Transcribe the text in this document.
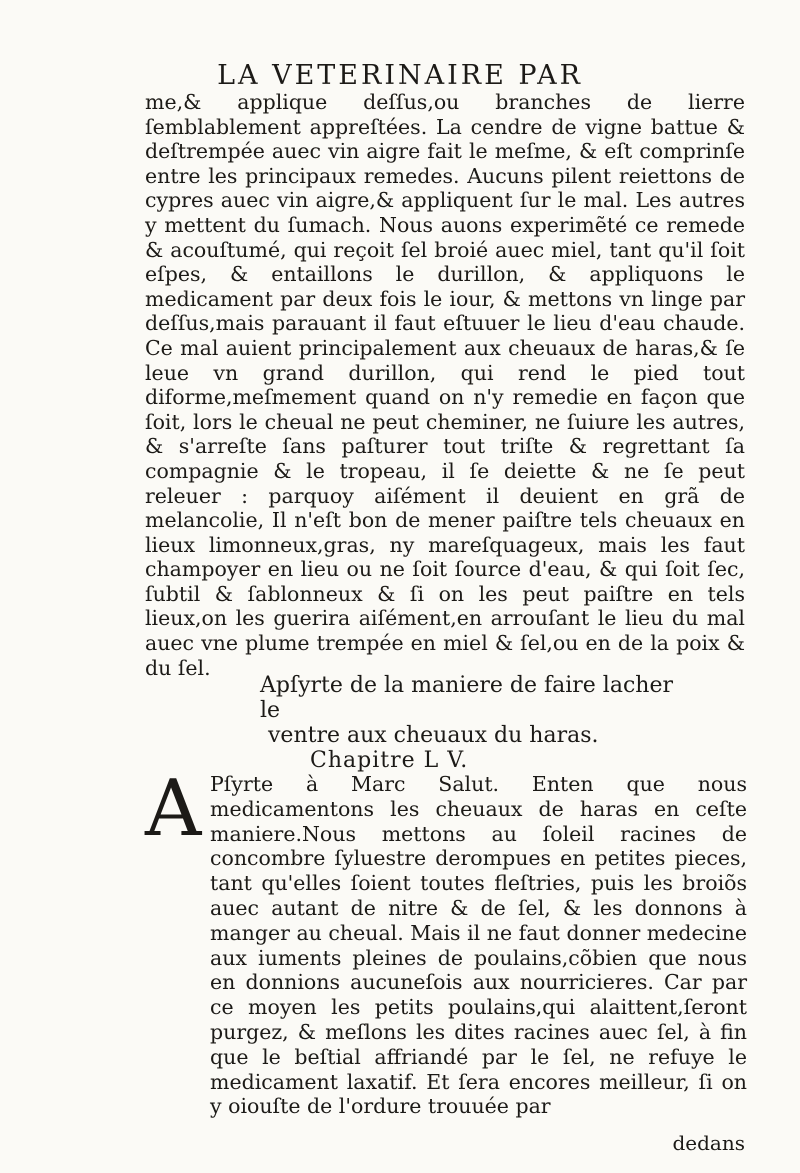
LA VETERINAIRE PAR

me,& applique deſſus,ou branches de lierre ſemblablement appreſtées. La cendre de vigne battue & deſtrempée auec vin aigre fait le meſme, & eſt comprinſe entre les principaux remedes. Aucuns pilent reiettons de cypres auec vin aigre,& appliquent ſur le mal. Les autres y mettent du ſumach. Nous auons experimẽté ce remede & acouſtumé, qui reçoit ſel broié auec miel, tant qu'il ſoit eſpes, & entaillons le durillon, & appliquons le medicament par deux fois le iour, & mettons vn linge par deſſus,mais parauant il faut eſtuuer le lieu d'eau chaude. Ce mal auient principalement aux cheuaux de haras,& ſe leue vn grand durillon, qui rend le pied tout diforme,meſmement quand on n'y remedie en façon que ſoit, lors le cheual ne peut cheminer, ne ſuiure les autres, & s'arreſte ſans paſturer tout triſte & regrettant ſa compagnie & le tropeau, il ſe deiette & ne ſe peut releuer : parquoy aiſément il deuient en grã de melancolie, Il n'eſt bon de mener paiſtre tels cheuaux en lieux limonneux,gras, ny mareſquageux, mais les faut champoyer en lieu ou ne ſoit ſource d'eau, & qui ſoit ſec, ſubtil & ſablonneux & ſi on les peut paiſtre en tels lieux,on les guerira aiſément,en arrouſant le lieu du mal auec vne plume trempée en miel & ſel,ou en de la poix & du ſel.

Apſyrte de la maniere de faire lacher le
ventre aux cheuaux du haras.
Chapitre L V.
A Pſyrte à Marc Salut. Enten que nous medicamentons les cheuaux de haras en ceſte maniere.Nous mettons au ſoleil racines de concombre ſyluestre derompues en petites pieces, tant qu'elles ſoient toutes fleſtries, puis les broiõs auec autant de nitre & de ſel, & les donnons à manger au cheual. Mais il ne faut donner medecine aux iuments pleines de poulains,cõbien que nous en donnions aucuneſois aux nourricieres. Car par ce moyen les petits poulains,qui alaittent,ſeront purgez, & meſlons les dites racines auec ſel, à fin que le beſtial affriandé par le ſel, ne refuye le medicament laxatif. Et ſera encores meilleur, ſi on y oiouſte de l'ordure trouuée par

dedans
